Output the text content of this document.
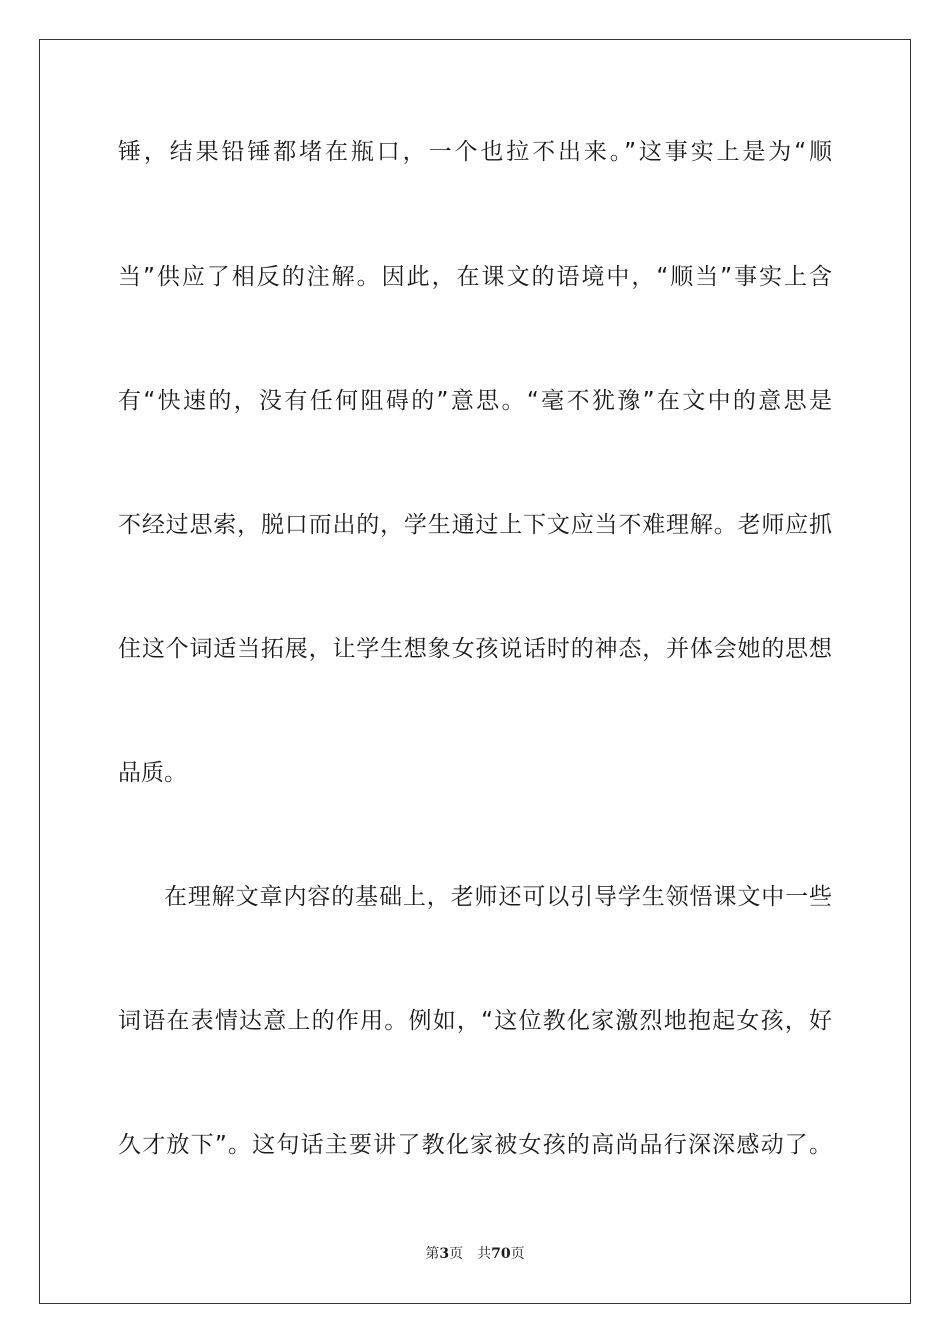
锤，结果铅锤都堵在瓶口，一个也拉不出来。”这事实上是为“顺
当”供应了相反的注解。因此，在课文的语境中，“顺当”事实上含
有“快速的，没有任何阻碍的”意思。“毫不犹豫”在文中的意思是
不经过思索，脱口而出的，学生通过上下文应当不难理解。老师应抓
住这个词适当拓展，让学生想象女孩说话时的神态，并体会她的思想
品质。
在理解文章内容的基础上，老师还可以引导学生领悟课文中一些
词语在表情达意上的作用。例如，“这位教化家激烈地抱起女孩，好
久才放下”。这句话主要讲了教化家被女孩的高尚品行深深感动了。
第3页 共70页
